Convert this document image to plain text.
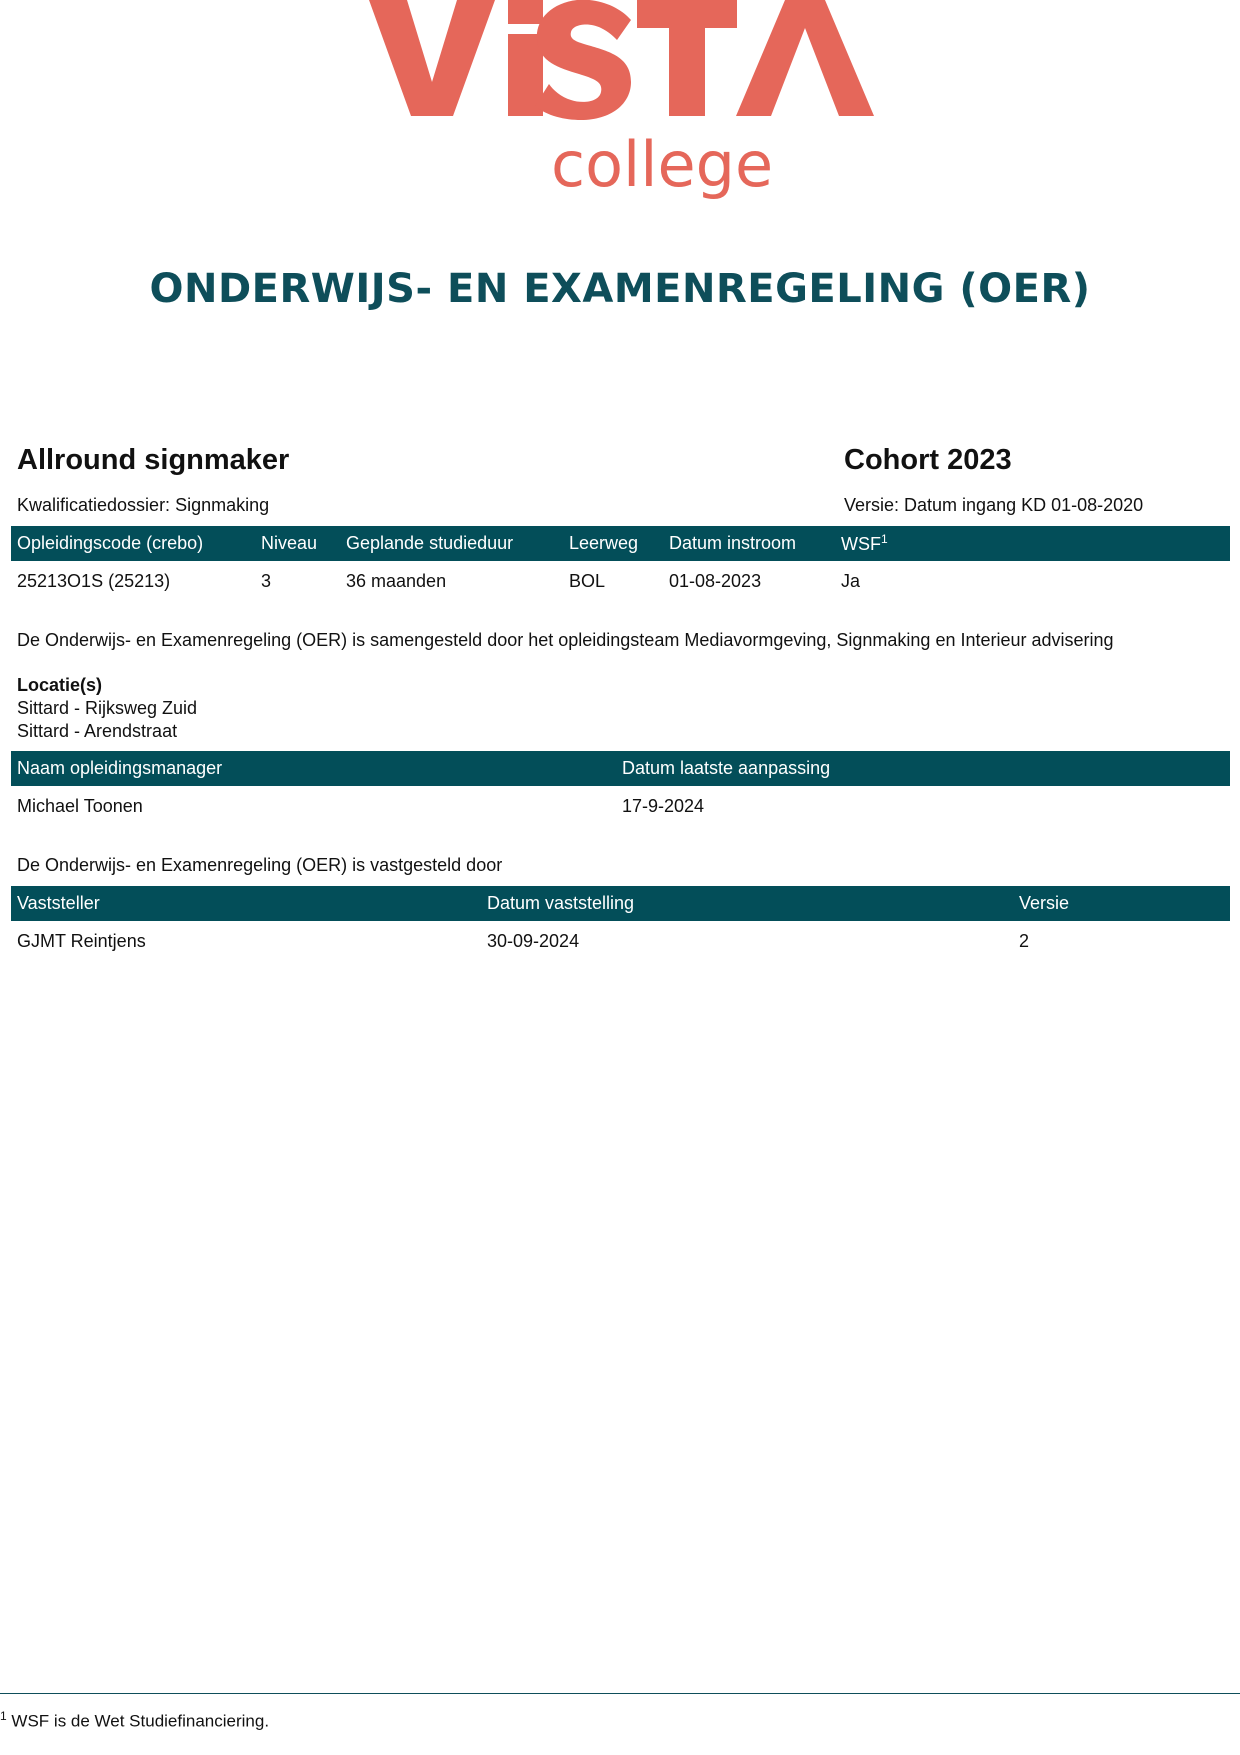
college
ONDERWIJS- EN EXAMENREGELING (OER)
Allround signmaker	Cohort 2023
Kwalificatiedossier: Signmaking	Versie: Datum ingang KD 01-08-2020
Opleidingscode (crebo)	Niveau	Geplande studieduur	Leerweg	Datum instroom	WSF$^1$
25213O1S (25213)	3	36 maanden	BOL	01-08-2023	Ja
De Onderwijs- en Examenregeling (OER) is samengesteld door het opleidingsteam Mediavormgeving, Signmaking en Interieur advisering
Locatie(s)
Sittard - Rijksweg Zuid
Sittard - Arendstraat
Naam opleidingsmanager	Datum laatste aanpassing
Michael Toonen	17-9-2024
De Onderwijs- en Examenregeling (OER) is vastgesteld door
Vaststeller	Datum vaststelling	Versie
GJMT Reintjens	30-09-2024	2
$^1$ WSF is de Wet Studiefinanciering.
